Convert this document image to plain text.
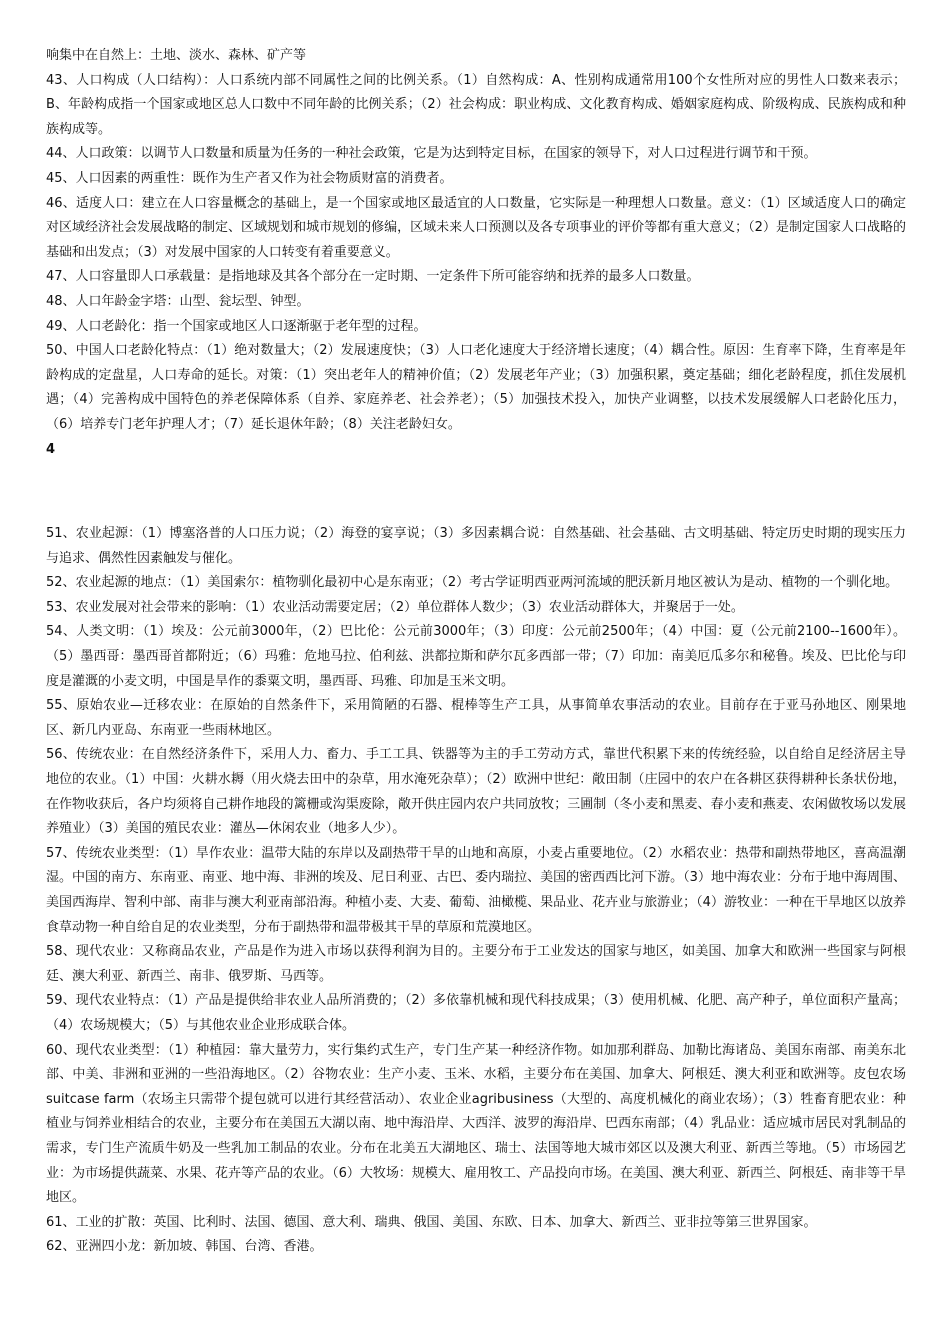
响集中在自然上：土地、淡水、森林、矿产等

43、人口构成（人口结构）：人口系统内部不同属性之间的比例关系。（1）自然构成：A、性别构成通常用100个女性所对应的男性人口数来表示；B、年龄构成指一个国家或地区总人口数中不同年龄的比例关系；（2）社会构成：职业构成、文化教育构成、婚姻家庭构成、阶级构成、民族构成和种族构成等。

44、人口政策：以调节人口数量和质量为任务的一种社会政策，它是为达到特定目标，在国家的领导下，对人口过程进行调节和干预。

45、人口因素的两重性：既作为生产者又作为社会物质财富的消费者。

46、适度人口：建立在人口容量概念的基础上，是一个国家或地区最适宜的人口数量，它实际是一种理想人口数量。意义：（1）区域适度人口的确定对区域经济社会发展战略的制定、区域规划和城市规划的修编，区域未来人口预测以及各专项事业的评价等都有重大意义；（2）是制定国家人口战略的基础和出发点；（3）对发展中国家的人口转变有着重要意义。

47、人口容量即人口承载量：是指地球及其各个部分在一定时期、一定条件下所可能容纳和抚养的最多人口数量。

48、人口年龄金字塔：山型、瓮坛型、钟型。

49、人口老龄化：指一个国家或地区人口逐渐驱于老年型的过程。

50、中国人口老龄化特点：（1）绝对数量大；（2）发展速度快；（3）人口老化速度大于经济增长速度；（4）耦合性。原因：生育率下降，生育率是年龄构成的定盘星，人口寿命的延长。对策：（1）突出老年人的精神价值；（2）发展老年产业；（3）加强积累，奠定基础；细化老龄程度，抓住发展机遇；（4）完善构成中国特色的养老保障体系（自养、家庭养老、社会养老）；（5）加强技术投入，加快产业调整，以技术发展缓解人口老龄化压力，（6）培养专门老年护理人才；（7）延长退休年龄；（8）关注老龄妇女。

4

51、农业起源：（1）博塞洛普的人口压力说；（2）海登的宴享说；（3）多因素耦合说：自然基础、社会基础、古文明基础、特定历史时期的现实压力与追求、偶然性因素触发与催化。

52、农业起源的地点：（1）美国索尔：植物驯化最初中心是东南亚；（2）考古学证明西亚两河流域的肥沃新月地区被认为是动、植物的一个驯化地。

53、农业发展对社会带来的影响：（1）农业活动需要定居；（2）单位群体人数少；（3）农业活动群体大，并聚居于一处。

54、人类文明：（1）埃及：公元前3000年，（2）巴比伦：公元前3000年；（3）印度：公元前2500年；（4）中国：夏（公元前2100--1600年）。（5）墨西哥：墨西哥首都附近；（6）玛雅：危地马拉、伯利兹、洪都拉斯和萨尔瓦多西部一带；（7）印加：南美厄瓜多尔和秘鲁。埃及、巴比伦与印度是灌溉的小麦文明，中国是旱作的黍粟文明，墨西哥、玛雅、印加是玉米文明。

55、原始农业—迁移农业：在原始的自然条件下，采用简陋的石器、棍棒等生产工具，从事简单农事活动的农业。目前存在于亚马孙地区、刚果地区、新几内亚岛、东南亚一些雨林地区。

56、传统农业：在自然经济条件下，采用人力、畜力、手工工具、铁器等为主的手工劳动方式，靠世代积累下来的传统经验，以自给自足经济居主导地位的农业。（1）中国：火耕水耨（用火烧去田中的杂草，用水淹死杂草）；（2）欧洲中世纪：敞田制（庄园中的农户在各耕区获得耕种长条状份地，在作物收获后，各户均须将自己耕作地段的篱栅或沟渠废除，敞开供庄园内农户共同放牧；三圃制（冬小麦和黑麦、春小麦和燕麦、农闲做牧场以发展养殖业）（3）美国的殖民农业：灌丛—休闲农业（地多人少）。

57、传统农业类型：（1）旱作农业：温带大陆的东岸以及副热带干旱的山地和高原，小麦占重要地位。（2）水稻农业：热带和副热带地区，喜高温潮湿。中国的南方、东南亚、南亚、地中海、非洲的埃及、尼日利亚、古巴、委内瑞拉、美国的密西西比河下游。（3）地中海农业：分布于地中海周围、美国西海岸、智利中部、南非与澳大利亚南部沿海。种植小麦、大麦、葡萄、油橄榄、果品业、花卉业与旅游业；（4）游牧业：一种在干旱地区以放养食草动物一种自给自足的农业类型，分布于副热带和温带极其干旱的草原和荒漠地区。

58、现代农业：又称商品农业，产品是作为进入市场以获得利润为目的。主要分布于工业发达的国家与地区，如美国、加拿大和欧洲一些国家与阿根廷、澳大利亚、新西兰、南非、俄罗斯、马西等。

59、现代农业特点：（1）产品是提供给非农业人品所消费的；（2）多依靠机械和现代科技成果；（3）使用机械、化肥、高产种子，单位面积产量高；（4）农场规模大；（5）与其他农业企业形成联合体。

60、现代农业类型：（1）种植园：靠大量劳力，实行集约式生产，专门生产某一种经济作物。如加那利群岛、加勒比海诸岛、美国东南部、南美东北部、中美、非洲和亚洲的一些沿海地区。（2）谷物农业：生产小麦、玉米、水稻，主要分布在美国、加拿大、阿根廷、澳大利亚和欧洲等。皮包农场suitcase farm（农场主只需带个提包就可以进行其经营活动）、农业企业agribusiness（大型的、高度机械化的商业农场）；（3）牲畜育肥农业：种植业与饲养业相结合的农业，主要分布在美国五大湖以南、地中海沿岸、大西洋、波罗的海沿岸、巴西东南部；（4）乳品业：适应城市居民对乳制品的需求，专门生产流质牛奶及一些乳加工制品的农业。分布在北美五大湖地区、瑞士、法国等地大城市郊区以及澳大利亚、新西兰等地。（5）市场园艺业：为市场提供蔬菜、水果、花卉等产品的农业。（6）大牧场：规模大、雇用牧工、产品投向市场。在美国、澳大利亚、新西兰、阿根廷、南非等干旱地区。

61、工业的扩散：英国、比利时、法国、德国、意大利、瑞典、俄国、美国、东欧、日本、加拿大、新西兰、亚非拉等第三世界国家。

62、亚洲四小龙：新加坡、韩国、台湾、香港。
